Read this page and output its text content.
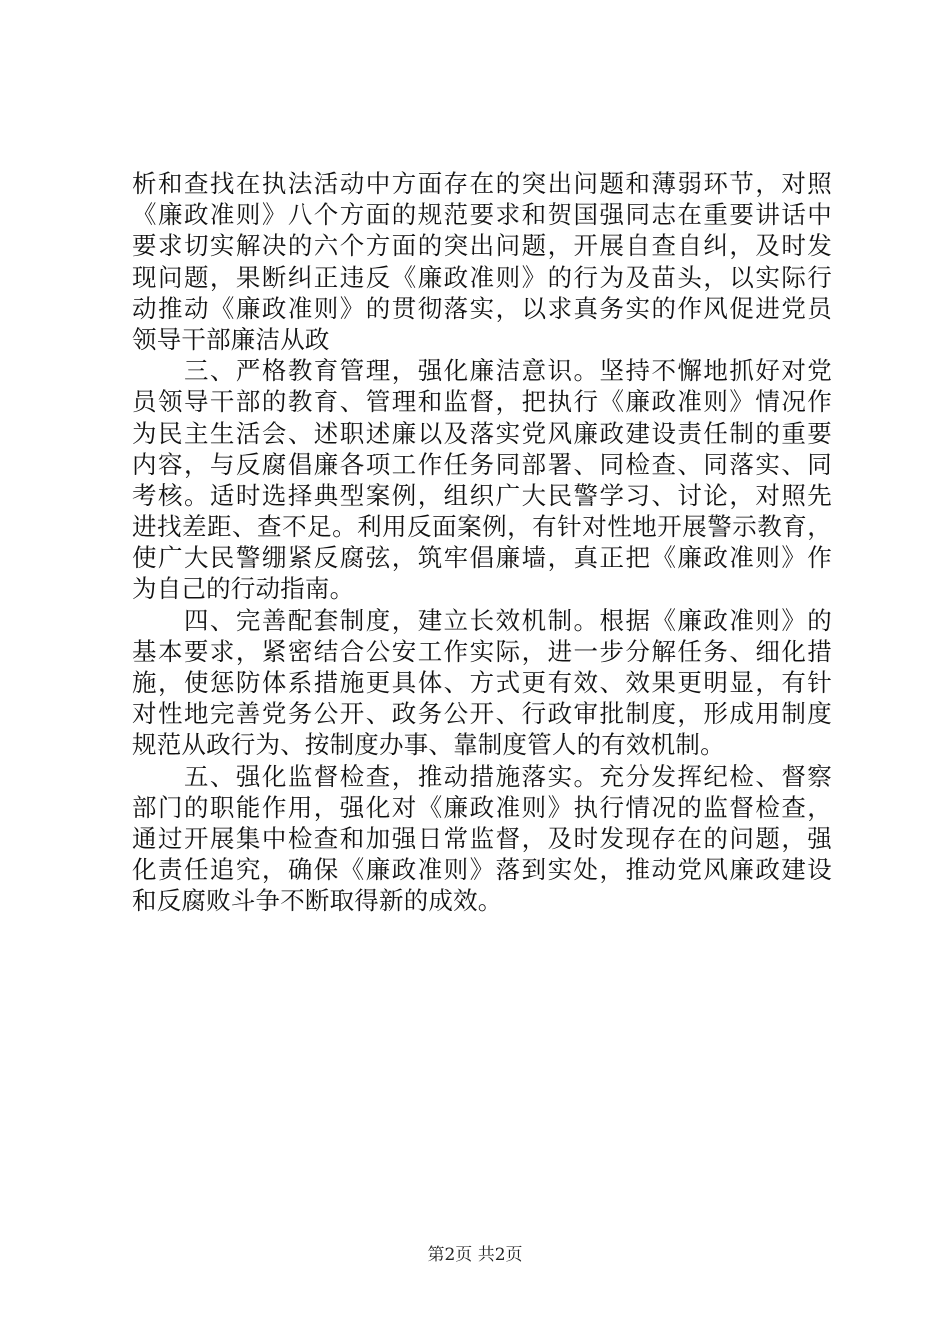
析和查找在执法活动中方面存在的突出问题和薄弱环节，对照
《廉政准则》八个方面的规范要求和贺国强同志在重要讲话中
要求切实解决的六个方面的突出问题，开展自查自纠，及时发
现问题，果断纠正违反《廉政准则》的行为及苗头，以实际行
动推动《廉政准则》的贯彻落实，以求真务实的作风促进党员
领导干部廉洁从政
　　三、严格教育管理，强化廉洁意识。坚持不懈地抓好对党
员领导干部的教育、管理和监督，把执行《廉政准则》情况作
为民主生活会、述职述廉以及落实党风廉政建设责任制的重要
内容，与反腐倡廉各项工作任务同部署、同检查、同落实、同
考核。适时选择典型案例，组织广大民警学习、讨论，对照先
进找差距、查不足。利用反面案例，有针对性地开展警示教育，
使广大民警绷紧反腐弦，筑牢倡廉墙，真正把《廉政准则》作
为自己的行动指南。
　　四、完善配套制度，建立长效机制。根据《廉政准则》的
基本要求，紧密结合公安工作实际，进一步分解任务、细化措
施，使惩防体系措施更具体、方式更有效、效果更明显，有针
对性地完善党务公开、政务公开、行政审批制度，形成用制度
规范从政行为、按制度办事、靠制度管人的有效机制。
　　五、强化监督检查，推动措施落实。充分发挥纪检、督察
部门的职能作用，强化对《廉政准则》执行情况的监督检查，
通过开展集中检查和加强日常监督，及时发现存在的问题，强
化责任追究，确保《廉政准则》落到实处，推动党风廉政建设
和反腐败斗争不断取得新的成效。
第2页 共2页
